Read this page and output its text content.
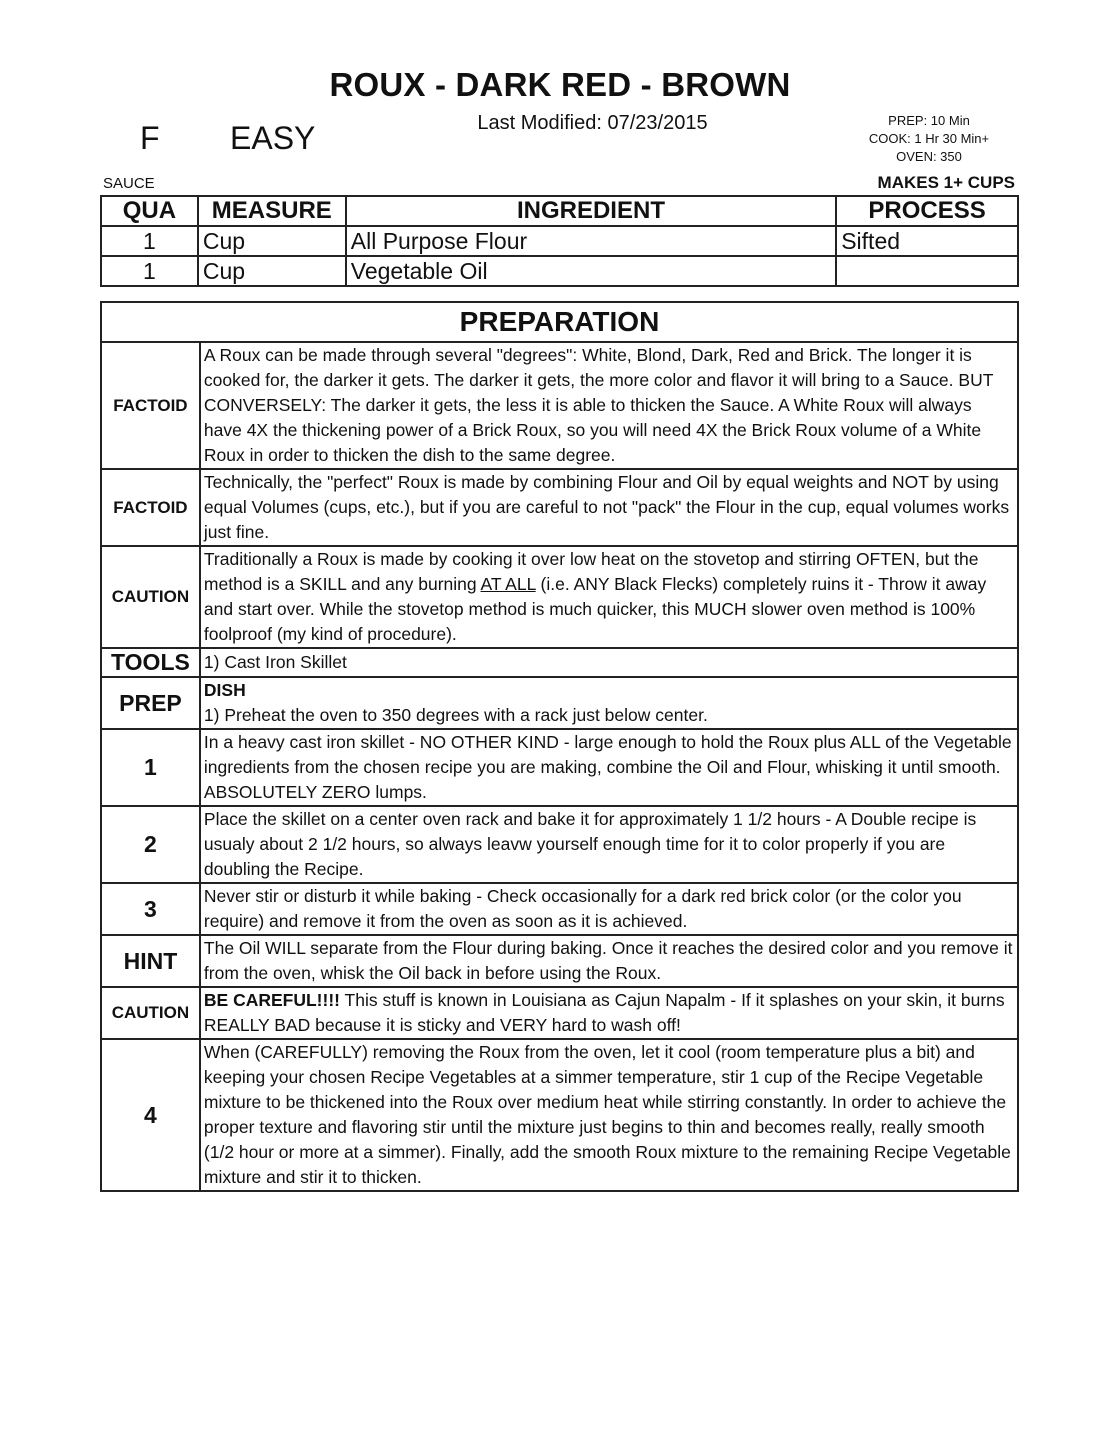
ROUX - DARK RED - BROWN
Last Modified: 07/23/2015
F EASY	PREP: 10 Min
COOK: 1 Hr 30 Min+
OVEN: 350
SAUCE	MAKES 1+ CUPS
QUA	MEASURE	INGREDIENT	PROCESS
1	Cup	All Purpose Flour	Sifted
1	Cup	Vegetable Oil	
PREPARATION	
FACTOID	A Roux can be made through several "degrees": White, Blond, Dark, Red and Brick. The longer it is cooked for, the darker it gets. The darker it gets, the more color and flavor it will bring to a Sauce. BUT CONVERSELY: The darker it gets, the less it is able to thicken the Sauce. A White Roux will always have 4X the thickening power of a Brick Roux, so you will need 4X the Brick Roux volume of a White Roux in order to thicken the dish to the same degree.
FACTOID	Technically, the "perfect" Roux is made by combining Flour and Oil by equal weights and NOT by using equal Volumes (cups, etc.), but if you are careful to not "pack" the Flour in the cup, equal volumes works just fine.
CAUTION	Traditionally a Roux is made by cooking it over low heat on the stovetop and stirring OFTEN, but the method is a SKILL and any burning AT ALL (i.e. ANY Black Flecks) completely ruins it - Throw it away and start over. While the stovetop method is much quicker, this MUCH slower oven method is 100% foolproof (my kind of procedure).
TOOLS	1) Cast Iron Skillet
PREP	DISH
1) Preheat the oven to 350 degrees with a rack just below center.

1	In a heavy cast iron skillet - NO OTHER KIND - large enough to hold the Roux plus ALL of the Vegetable ingredients from the chosen recipe you are making, combine the Oil and Flour, whisking it until smooth. ABSOLUTELY ZERO lumps.
2	Place the skillet on a center oven rack and bake it for approximately 1 1/2 hours - A Double recipe is usualy about 2 1/2 hours, so always leavw yourself enough time for it to color properly if you are doubling the Recipe.
3	Never stir or disturb it while baking - Check occasionally for a dark red brick color (or the color you require) and remove it from the oven as soon as it is achieved.
HINT	The Oil WILL separate from the Flour during baking. Once it reaches the desired color and you remove it from the oven, whisk the Oil back in before using the Roux.
CAUTION	BE CAREFUL!!!! This stuff is known in Louisiana as Cajun Napalm - If it splashes on your skin, it burns REALLY BAD because it is sticky and VERY hard to wash off!
4	When (CAREFULLY) removing the Roux from the oven, let it cool (room temperature plus a bit) and keeping your chosen Recipe Vegetables at a simmer temperature, stir 1 cup of the Recipe Vegetable mixture to be thickened into the Roux over medium heat while stirring constantly. In order to achieve the proper texture and flavoring stir until the mixture just begins to thin and becomes really, really smooth (1/2 hour or more at a simmer). Finally, add the smooth Roux mixture to the remaining Recipe Vegetable mixture and stir it to thicken.
